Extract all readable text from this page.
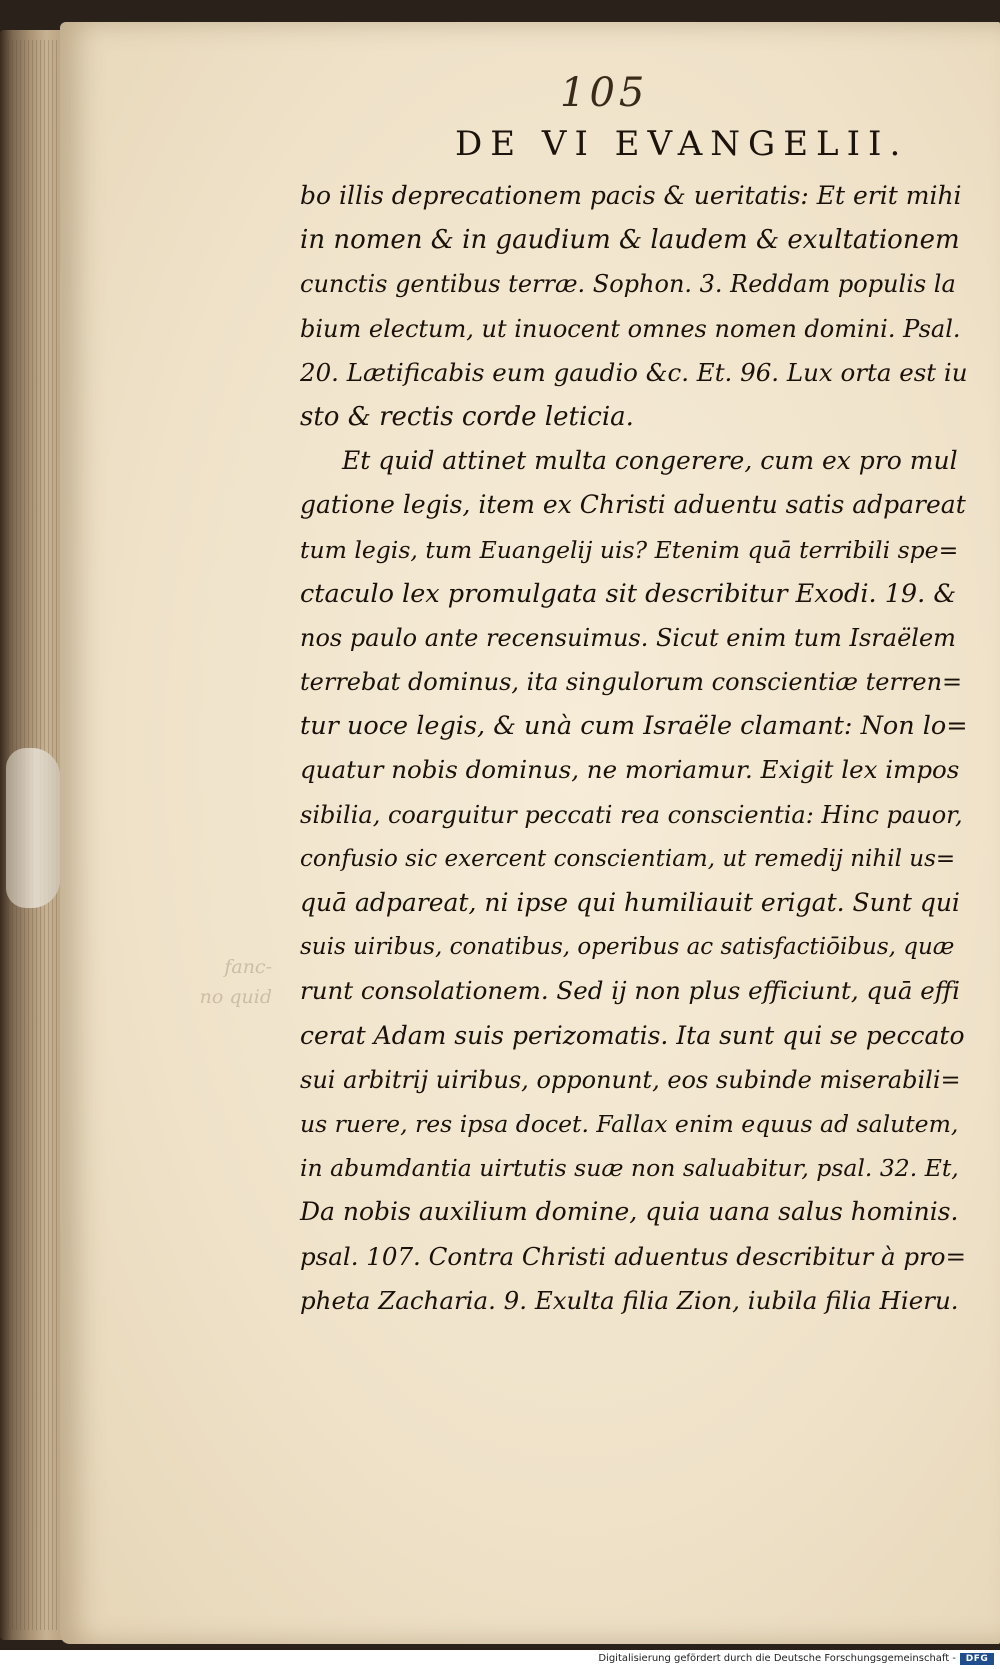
105
DE VI EVANGELII.
fanc-
no quid
bo illis deprecationem pacis & ueritatis: Et erit mihi
in nomen & in gaudium & laudem & exultationem
cunctis gentibus terræ. Sophon. 3. Reddam populis la
bium electum, ut inuocent omnes nomen domini. Psal.
20. Lætificabis eum gaudio &c. Et. 96. Lux orta est iu
sto & rectis corde leticia.
Et quid attinet multa congerere, cum ex pro mul
gatione legis, item ex Christi aduentu satis adpareat
tum legis, tum Euangelij uis? Etenim quā terribili spe=
ctaculo lex promulgata sit describitur Exodi. 19. &
nos paulo ante recensuimus. Sicut enim tum Israëlem
terrebat dominus, ita singulorum conscientiæ terren=
tur uoce legis, & unà cum Israële clamant: Non lo=
quatur nobis dominus, ne moriamur. Exigit lex impos
sibilia, coarguitur peccati rea conscientia: Hinc pauor,
confusio sic exercent conscientiam, ut remedij nihil us=
quā adpareat, ni ipse qui humiliauit erigat. Sunt qui
suis uiribus, conatibus, operibus ac satisfactiōibus, quæ
runt consolationem. Sed ij non plus efficiunt, quā effi
cerat Adam suis perizomatis. Ita sunt qui se peccato
sui arbitrij uiribus, opponunt, eos subinde miserabili=
us ruere, res ipsa docet. Fallax enim equus ad salutem,
in abumdantia uirtutis suæ non saluabitur, psal. 32. Et,
Da nobis auxilium domine, quia uana salus hominis.
psal. 107. Contra Christi aduentus describitur à pro=
pheta Zacharia. 9. Exulta filia Zion, iubila filia Hieru.
Digitalisierung gefördert durch die Deutsche Forschungsgemeinschaft -	DFG
